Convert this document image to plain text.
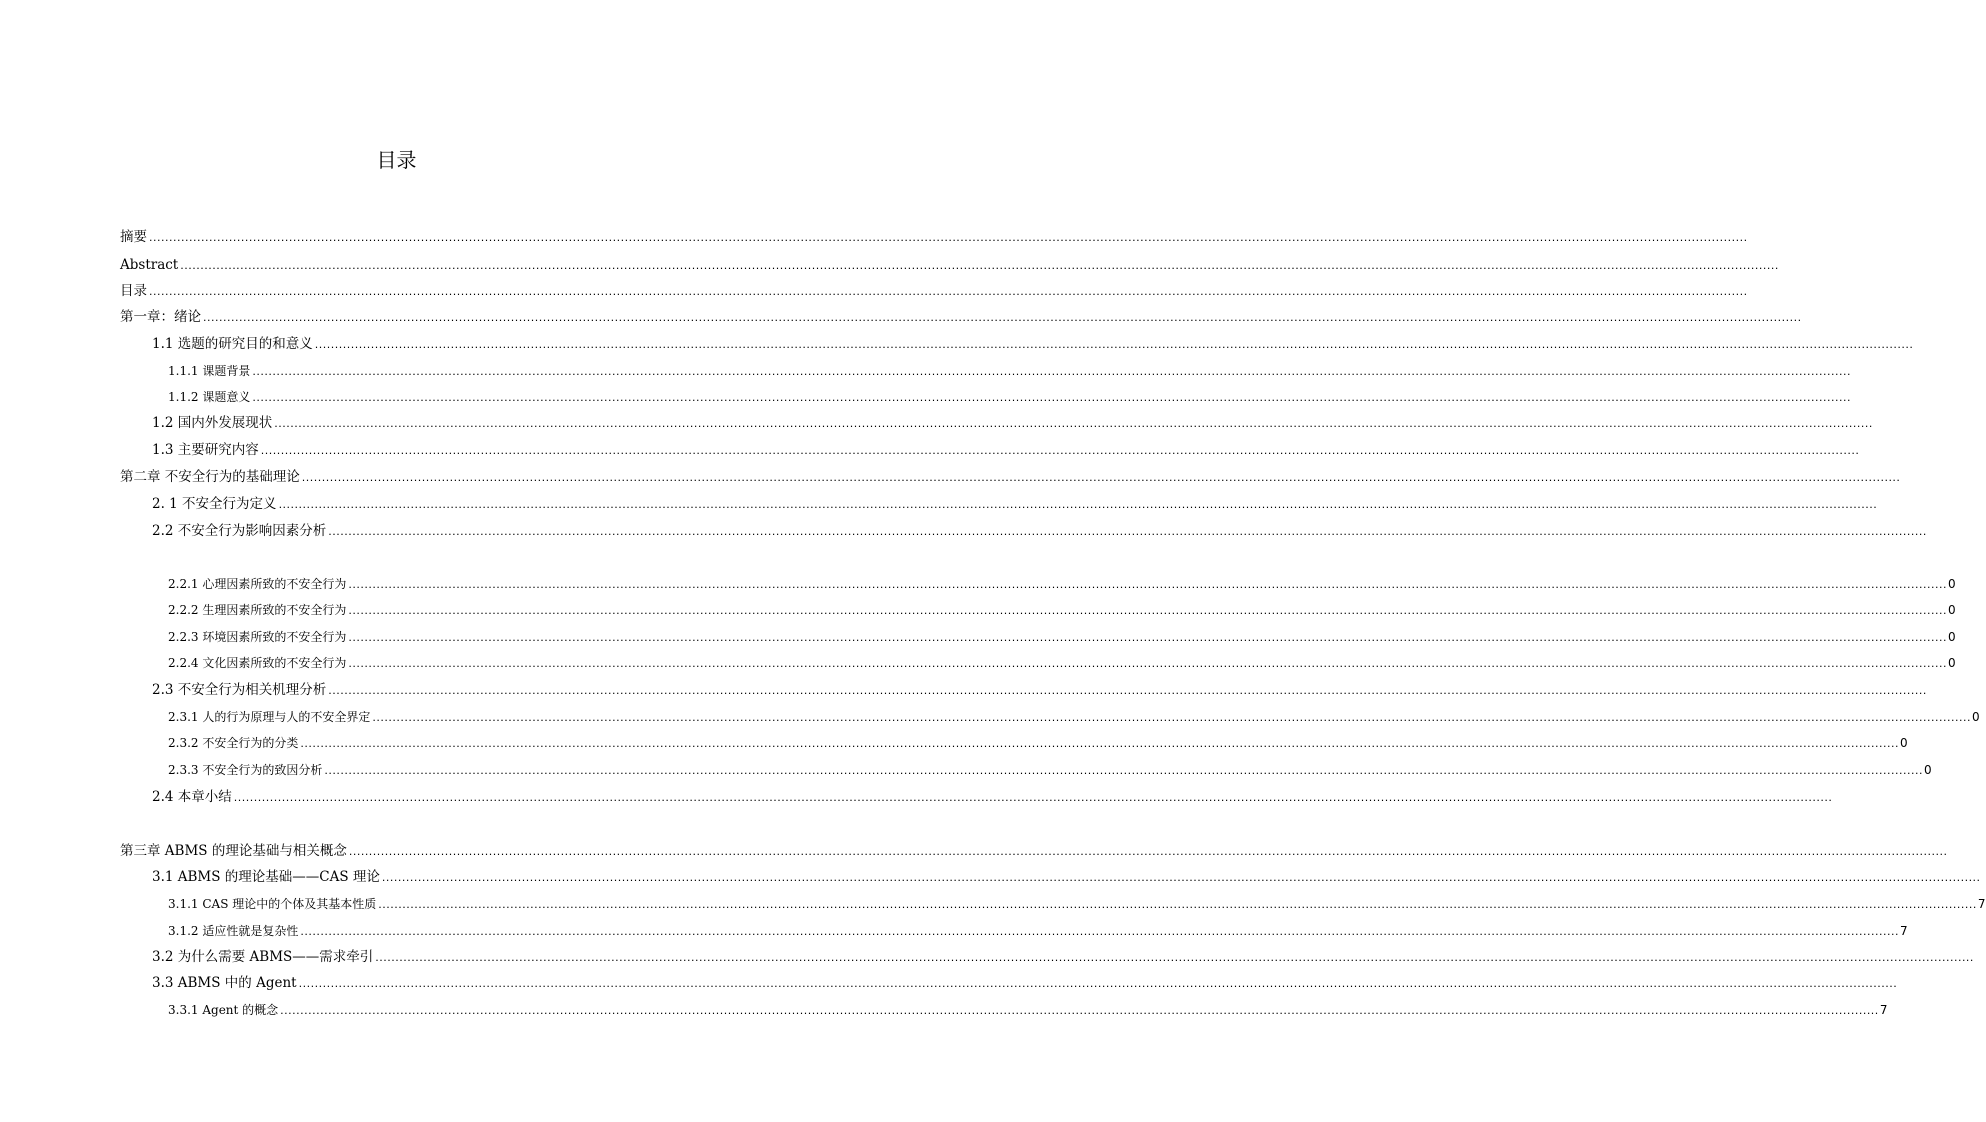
目录
摘要 ................................................................................................................................................................................................................................................................................................................................................................................................................
Abstract ................................................................................................................................................................................................................................................................................................................................................................................................................
目录 ................................................................................................................................................................................................................................................................................................................................................................................................................
第一章：绪论 ................................................................................................................................................................................................................................................................................................................................................................................................................
1.1 选题的研究目的和意义 ................................................................................................................................................................................................................................................................................................................................................................................................................
1.1.1 课题背景 ................................................................................................................................................................................................................................................................................................................................................................................................................
1.1.2 课题意义 ................................................................................................................................................................................................................................................................................................................................................................................................................
1.2 国内外发展现状 ................................................................................................................................................................................................................................................................................................................................................................................................................
1.3 主要研究内容 ................................................................................................................................................................................................................................................................................................................................................................................................................
第二章 不安全行为的基础理论 ................................................................................................................................................................................................................................................................................................................................................................................................................
2. 1 不安全行为定义 ................................................................................................................................................................................................................................................................................................................................................................................................................
2.2 不安全行为影响因素分析 ................................................................................................................................................................................................................................................................................................................................................................................................................
2.2.1 心理因素所致的不安全行为 ................................................................................................................................................................................................................................................................................................................................................................................................................ 0
2.2.2 生理因素所致的不安全行为 ................................................................................................................................................................................................................................................................................................................................................................................................................ 0
2.2.3 环境因素所致的不安全行为 ................................................................................................................................................................................................................................................................................................................................................................................................................ 0
2.2.4 文化因素所致的不安全行为 ................................................................................................................................................................................................................................................................................................................................................................................................................ 0
2.3 不安全行为相关机理分析 ................................................................................................................................................................................................................................................................................................................................................................................................................
2.3.1 人的行为原理与人的不安全界定 ................................................................................................................................................................................................................................................................................................................................................................................................................ 0
2.3.2 不安全行为的分类 ................................................................................................................................................................................................................................................................................................................................................................................................................ 0
2.3.3 不安全行为的致因分析 ................................................................................................................................................................................................................................................................................................................................................................................................................ 0
2.4 本章小结 ................................................................................................................................................................................................................................................................................................................................................................................................................
第三章 ABMS 的理论基础与相关概念 ................................................................................................................................................................................................................................................................................................................................................................................................................
3.1 ABMS 的理论基础——CAS 理论 ................................................................................................................................................................................................................................................................................................................................................................................................................
3.1.1 CAS 理论中的个体及其基本性质 ................................................................................................................................................................................................................................................................................................................................................................................................................ 7
3.1.2 适应性就是复杂性 ................................................................................................................................................................................................................................................................................................................................................................................................................ 7
3.2 为什么需要 ABMS——需求牵引 ................................................................................................................................................................................................................................................................................................................................................................................................................
3.3 ABMS 中的 Agent ................................................................................................................................................................................................................................................................................................................................................................................................................
3.3.1 Agent 的概念 ................................................................................................................................................................................................................................................................................................................................................................................................................ 7
